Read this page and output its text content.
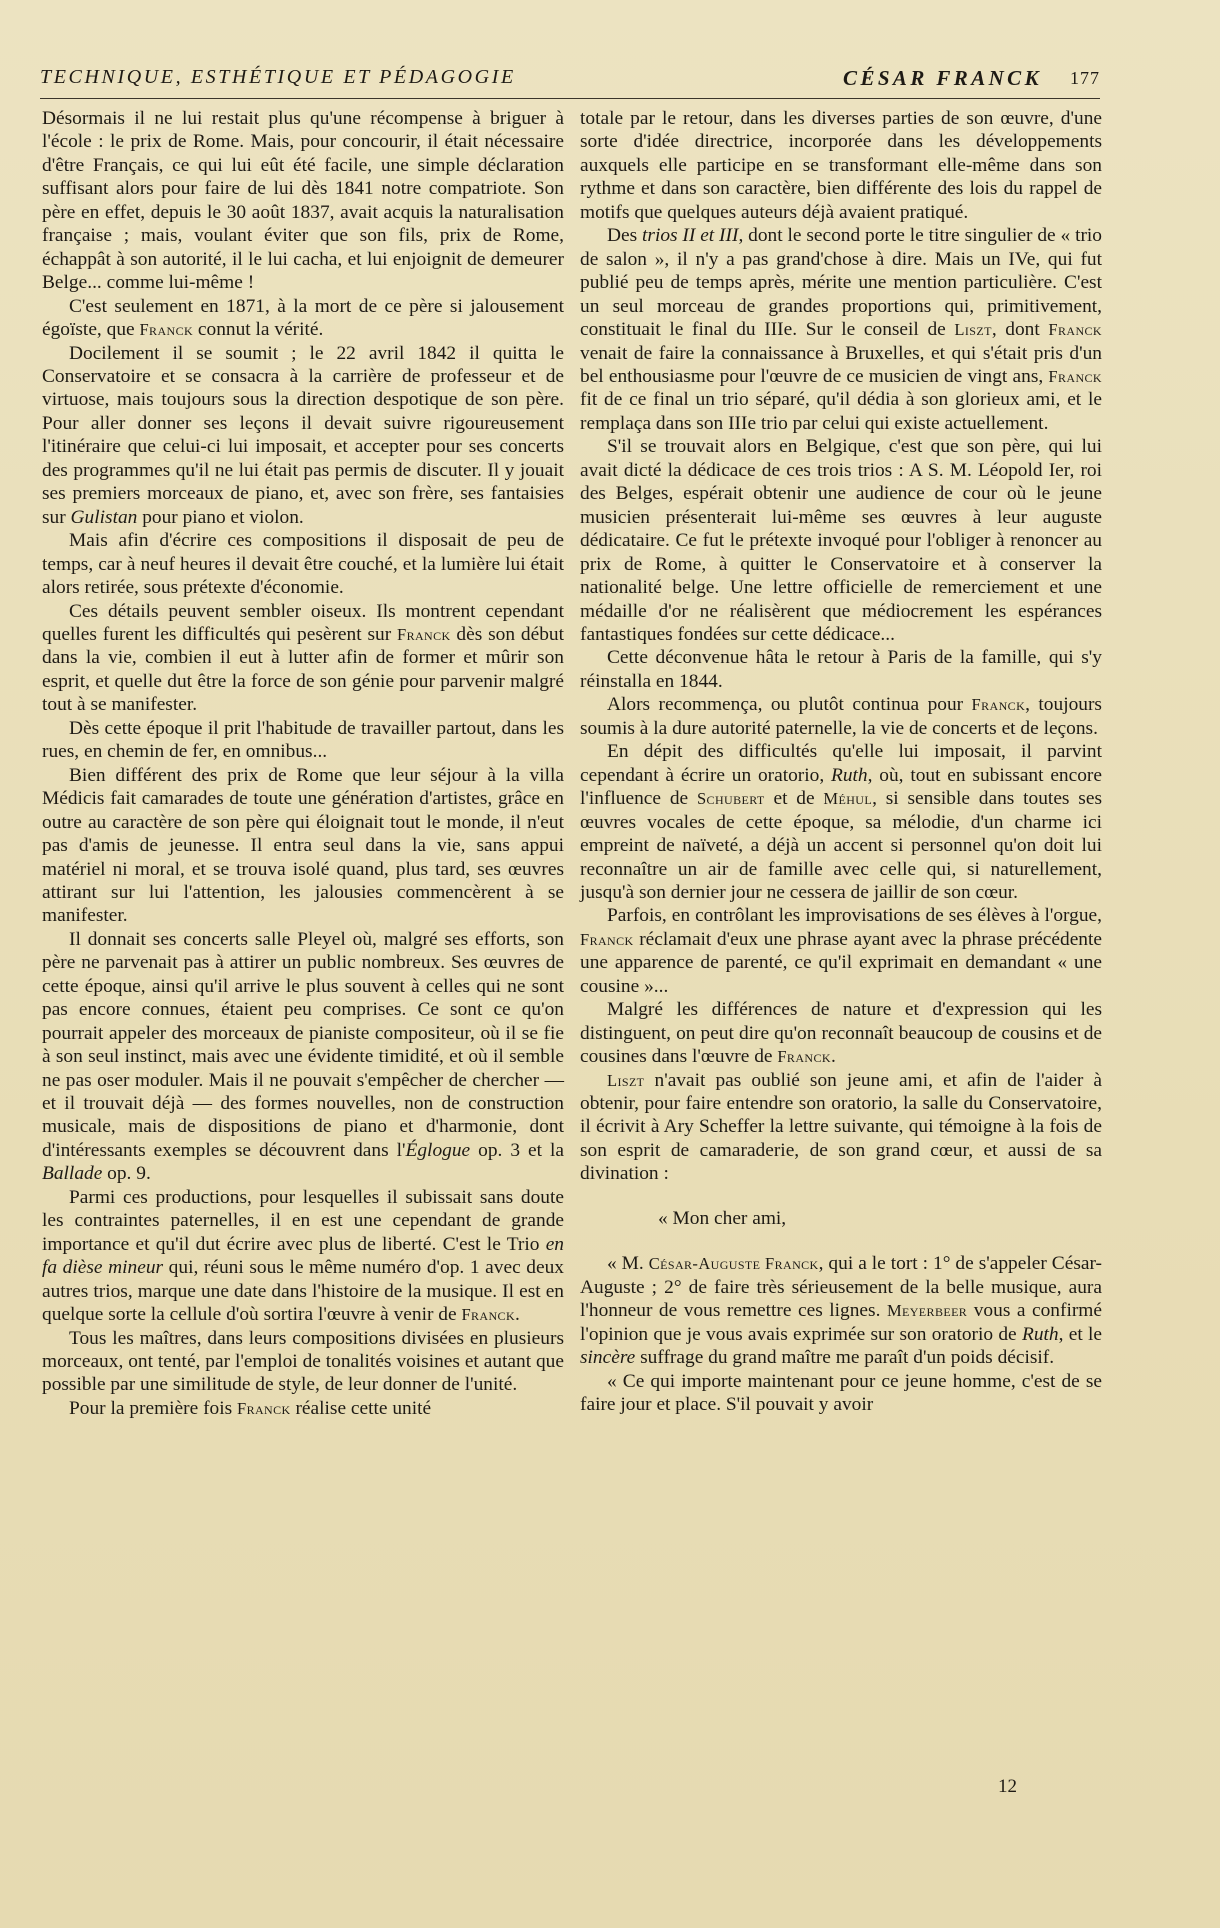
TECHNIQUE, ESTHÉTIQUE ET PÉDAGOGIE	CÉSAR FRANCK 177

Désormais il ne lui restait plus qu'une récompense à briguer à l'école : le prix de Rome. Mais, pour concourir, il était nécessaire d'être Français, ce qui lui eût été facile, une simple déclaration suffisant alors pour faire de lui dès 1841 notre compatriote. Son père en effet, depuis le 30 août 1837, avait acquis la naturalisation française ; mais, voulant éviter que son fils, prix de Rome, échappât à son autorité, il le lui cacha, et lui enjoignit de demeurer Belge... comme lui-même !

C'est seulement en 1871, à la mort de ce père si jalousement égoïste, que Franck connut la vérité.

Docilement il se soumit ; le 22 avril 1842 il quitta le Conservatoire et se consacra à la carrière de professeur et de virtuose, mais toujours sous la direction despotique de son père. Pour aller donner ses leçons il devait suivre rigoureusement l'itinéraire que celui-ci lui imposait, et accepter pour ses concerts des programmes qu'il ne lui était pas permis de discuter. Il y jouait ses premiers morceaux de piano, et, avec son frère, ses fantaisies sur Gulistan pour piano et violon.

Mais afin d'écrire ces compositions il disposait de peu de temps, car à neuf heures il devait être couché, et la lumière lui était alors retirée, sous prétexte d'économie.

Ces détails peuvent sembler oiseux. Ils montrent cependant quelles furent les difficultés qui pesèrent sur Franck dès son début dans la vie, combien il eut à lutter afin de former et mûrir son esprit, et quelle dut être la force de son génie pour parvenir malgré tout à se manifester.

Dès cette époque il prit l'habitude de travailler partout, dans les rues, en chemin de fer, en omnibus...

Bien différent des prix de Rome que leur séjour à la villa Médicis fait camarades de toute une génération d'artistes, grâce en outre au caractère de son père qui éloignait tout le monde, il n'eut pas d'amis de jeunesse. Il entra seul dans la vie, sans appui matériel ni moral, et se trouva isolé quand, plus tard, ses œuvres attirant sur lui l'attention, les jalousies commencèrent à se manifester.

Il donnait ses concerts salle Pleyel où, malgré ses efforts, son père ne parvenait pas à attirer un public nombreux. Ses œuvres de cette époque, ainsi qu'il arrive le plus souvent à celles qui ne sont pas encore connues, étaient peu comprises. Ce sont ce qu'on pourrait appeler des morceaux de pianiste compositeur, où il se fie à son seul instinct, mais avec une évidente timidité, et où il semble ne pas oser moduler. Mais il ne pouvait s'empêcher de chercher — et il trouvait déjà — des formes nouvelles, non de construction musicale, mais de dispositions de piano et d'harmonie, dont d'intéressants exemples se découvrent dans l'Églogue op. 3 et la Ballade op. 9.

Parmi ces productions, pour lesquelles il subissait sans doute les contraintes paternelles, il en est une cependant de grande importance et qu'il dut écrire avec plus de liberté. C'est le Trio en fa dièse mineur qui, réuni sous le même numéro d'op. 1 avec deux autres trios, marque une date dans l'histoire de la musique. Il est en quelque sorte la cellule d'où sortira l'œuvre à venir de Franck.

Tous les maîtres, dans leurs compositions divisées en plusieurs morceaux, ont tenté, par l'emploi de tonalités voisines et autant que possible par une similitude de style, de leur donner de l'unité.

Pour la première fois Franck réalise cette unité

totale par le retour, dans les diverses parties de son œuvre, d'une sorte d'idée directrice, incorporée dans les développements auxquels elle participe en se transformant elle-même dans son rythme et dans son caractère, bien différente des lois du rappel de motifs que quelques auteurs déjà avaient pratiqué.

Des trios II et III, dont le second porte le titre singulier de « trio de salon », il n'y a pas grand'chose à dire. Mais un IVe, qui fut publié peu de temps après, mérite une mention particulière. C'est un seul morceau de grandes proportions qui, primitivement, constituait le final du IIIe. Sur le conseil de Liszt, dont Franck venait de faire la connaissance à Bruxelles, et qui s'était pris d'un bel enthousiasme pour l'œuvre de ce musicien de vingt ans, Franck fit de ce final un trio séparé, qu'il dédia à son glorieux ami, et le remplaça dans son IIIe trio par celui qui existe actuellement.

S'il se trouvait alors en Belgique, c'est que son père, qui lui avait dicté la dédicace de ces trois trios : A S. M. Léopold Ier, roi des Belges, espérait obtenir une audience de cour où le jeune musicien présenterait lui-même ses œuvres à leur auguste dédicataire. Ce fut le prétexte invoqué pour l'obliger à renoncer au prix de Rome, à quitter le Conservatoire et à conserver la nationalité belge. Une lettre officielle de remerciement et une médaille d'or ne réalisèrent que médiocrement les espérances fantastiques fondées sur cette dédicace...

Cette déconvenue hâta le retour à Paris de la famille, qui s'y réinstalla en 1844.

Alors recommença, ou plutôt continua pour Franck, toujours soumis à la dure autorité paternelle, la vie de concerts et de leçons.

En dépit des difficultés qu'elle lui imposait, il parvint cependant à écrire un oratorio, Ruth, où, tout en subissant encore l'influence de Schubert et de Méhul, si sensible dans toutes ses œuvres vocales de cette époque, sa mélodie, d'un charme ici empreint de naïveté, a déjà un accent si personnel qu'on doit lui reconnaître un air de famille avec celle qui, si naturellement, jusqu'à son dernier jour ne cessera de jaillir de son cœur.

Parfois, en contrôlant les improvisations de ses élèves à l'orgue, Franck réclamait d'eux une phrase ayant avec la phrase précédente une apparence de parenté, ce qu'il exprimait en demandant « une cousine »...

Malgré les différences de nature et d'expression qui les distinguent, on peut dire qu'on reconnaît beaucoup de cousins et de cousines dans l'œuvre de Franck.

Liszt n'avait pas oublié son jeune ami, et afin de l'aider à obtenir, pour faire entendre son oratorio, la salle du Conservatoire, il écrivit à Ary Scheffer la lettre suivante, qui témoigne à la fois de son esprit de camaraderie, de son grand cœur, et aussi de sa divination :

« Mon cher ami,

« M. César-Auguste Franck, qui a le tort : 1° de s'appeler César-Auguste ; 2° de faire très sérieusement de la belle musique, aura l'honneur de vous remettre ces lignes. Meyerbeer vous a confirmé l'opinion que je vous avais exprimée sur son oratorio de Ruth, et le sincère suffrage du grand maître me paraît d'un poids décisif.

« Ce qui importe maintenant pour ce jeune homme, c'est de se faire jour et place. S'il pouvait y avoir

12
